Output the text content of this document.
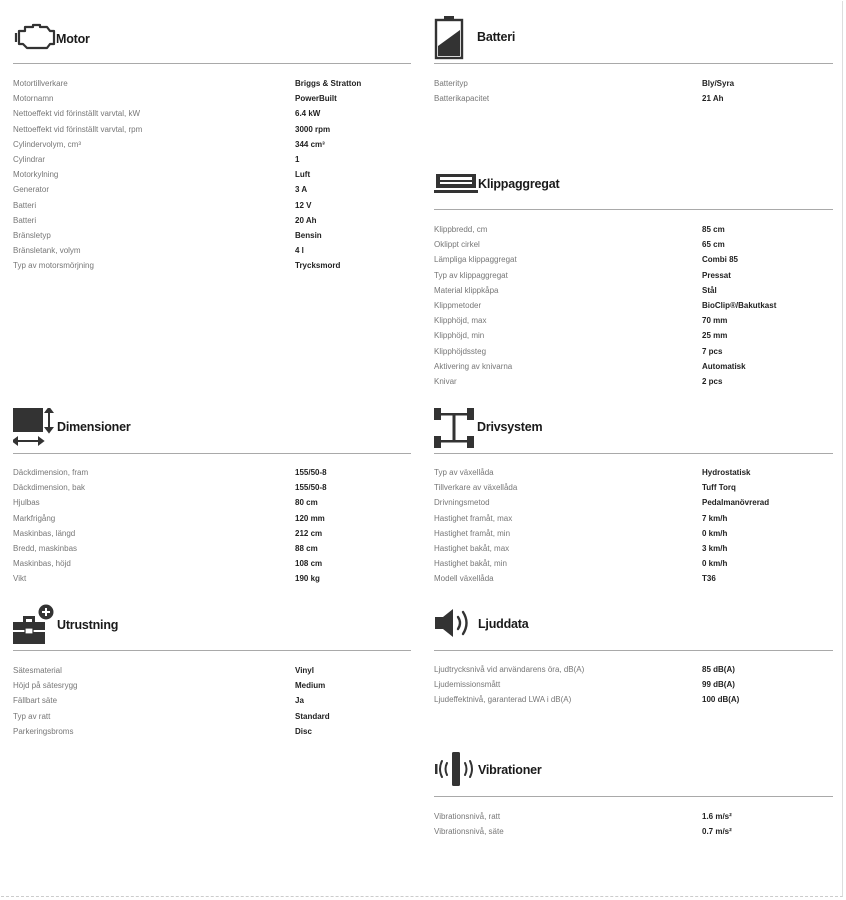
Motor
Motortillverkare	Briggs & Stratton
Motornamn	PowerBuilt
Nettoeffekt vid förinställt varvtal, kW	6.4 kW
Nettoeffekt vid förinställt varvtal, rpm	3000 rpm
Cylindervolym, cm³	344 cm³
Cylindrar	1
Motorkylning	Luft
Generator	3 A
Batteri	12 V
Batteri	20 Ah
Bränsletyp	Bensin
Bränsletank, volym	4 l
Typ av motorsmörjning	Trycksmord
Batteri
Batterityp	Bly/Syra
Batterikapacitet	21 Ah
Klippaggregat
Klippbredd, cm	85 cm
Oklippt cirkel	65 cm
Lämpliga klippaggregat	Combi 85
Typ av klippaggregat	Pressat
Material klippkåpa	Stål
Klippmetoder	BioClip®/Bakutkast
Klipphöjd, max	70 mm
Klipphöjd, min	25 mm
Klipphöjdssteg	7 pcs
Aktivering av knivarna	Automatisk
Knivar	2 pcs
Dimensioner
Däckdimension, fram	155/50-8
Däckdimension, bak	155/50-8
Hjulbas	80 cm
Markfrigång	120 mm
Maskinbas, längd	212 cm
Bredd, maskinbas	88 cm
Maskinbas, höjd	108 cm
Vikt	190 kg
Drivsystem
Typ av växellåda	Hydrostatisk
Tillverkare av växellåda	Tuff Torq
Drivningsmetod	Pedalmanövrerad
Hastighet framåt, max	7 km/h
Hastighet framåt, min	0 km/h
Hastighet bakåt, max	3 km/h
Hastighet bakåt, min	0 km/h
Modell växellåda	T36
Utrustning
Sätesmaterial	Vinyl
Höjd på sätesrygg	Medium
Fällbart säte	Ja
Typ av ratt	Standard
Parkeringsbroms	Disc
Ljuddata
Ljudtrycksnivå vid användarens öra, dB(A)	85 dB(A)
Ljudemissionsmått	99 dB(A)
Ljudeffektnivå, garanterad LWA i dB(A)	100 dB(A)
Vibrationer
Vibrationsnivå, ratt	1.6 m/s²
Vibrationsnivå, säte	0.7 m/s²
